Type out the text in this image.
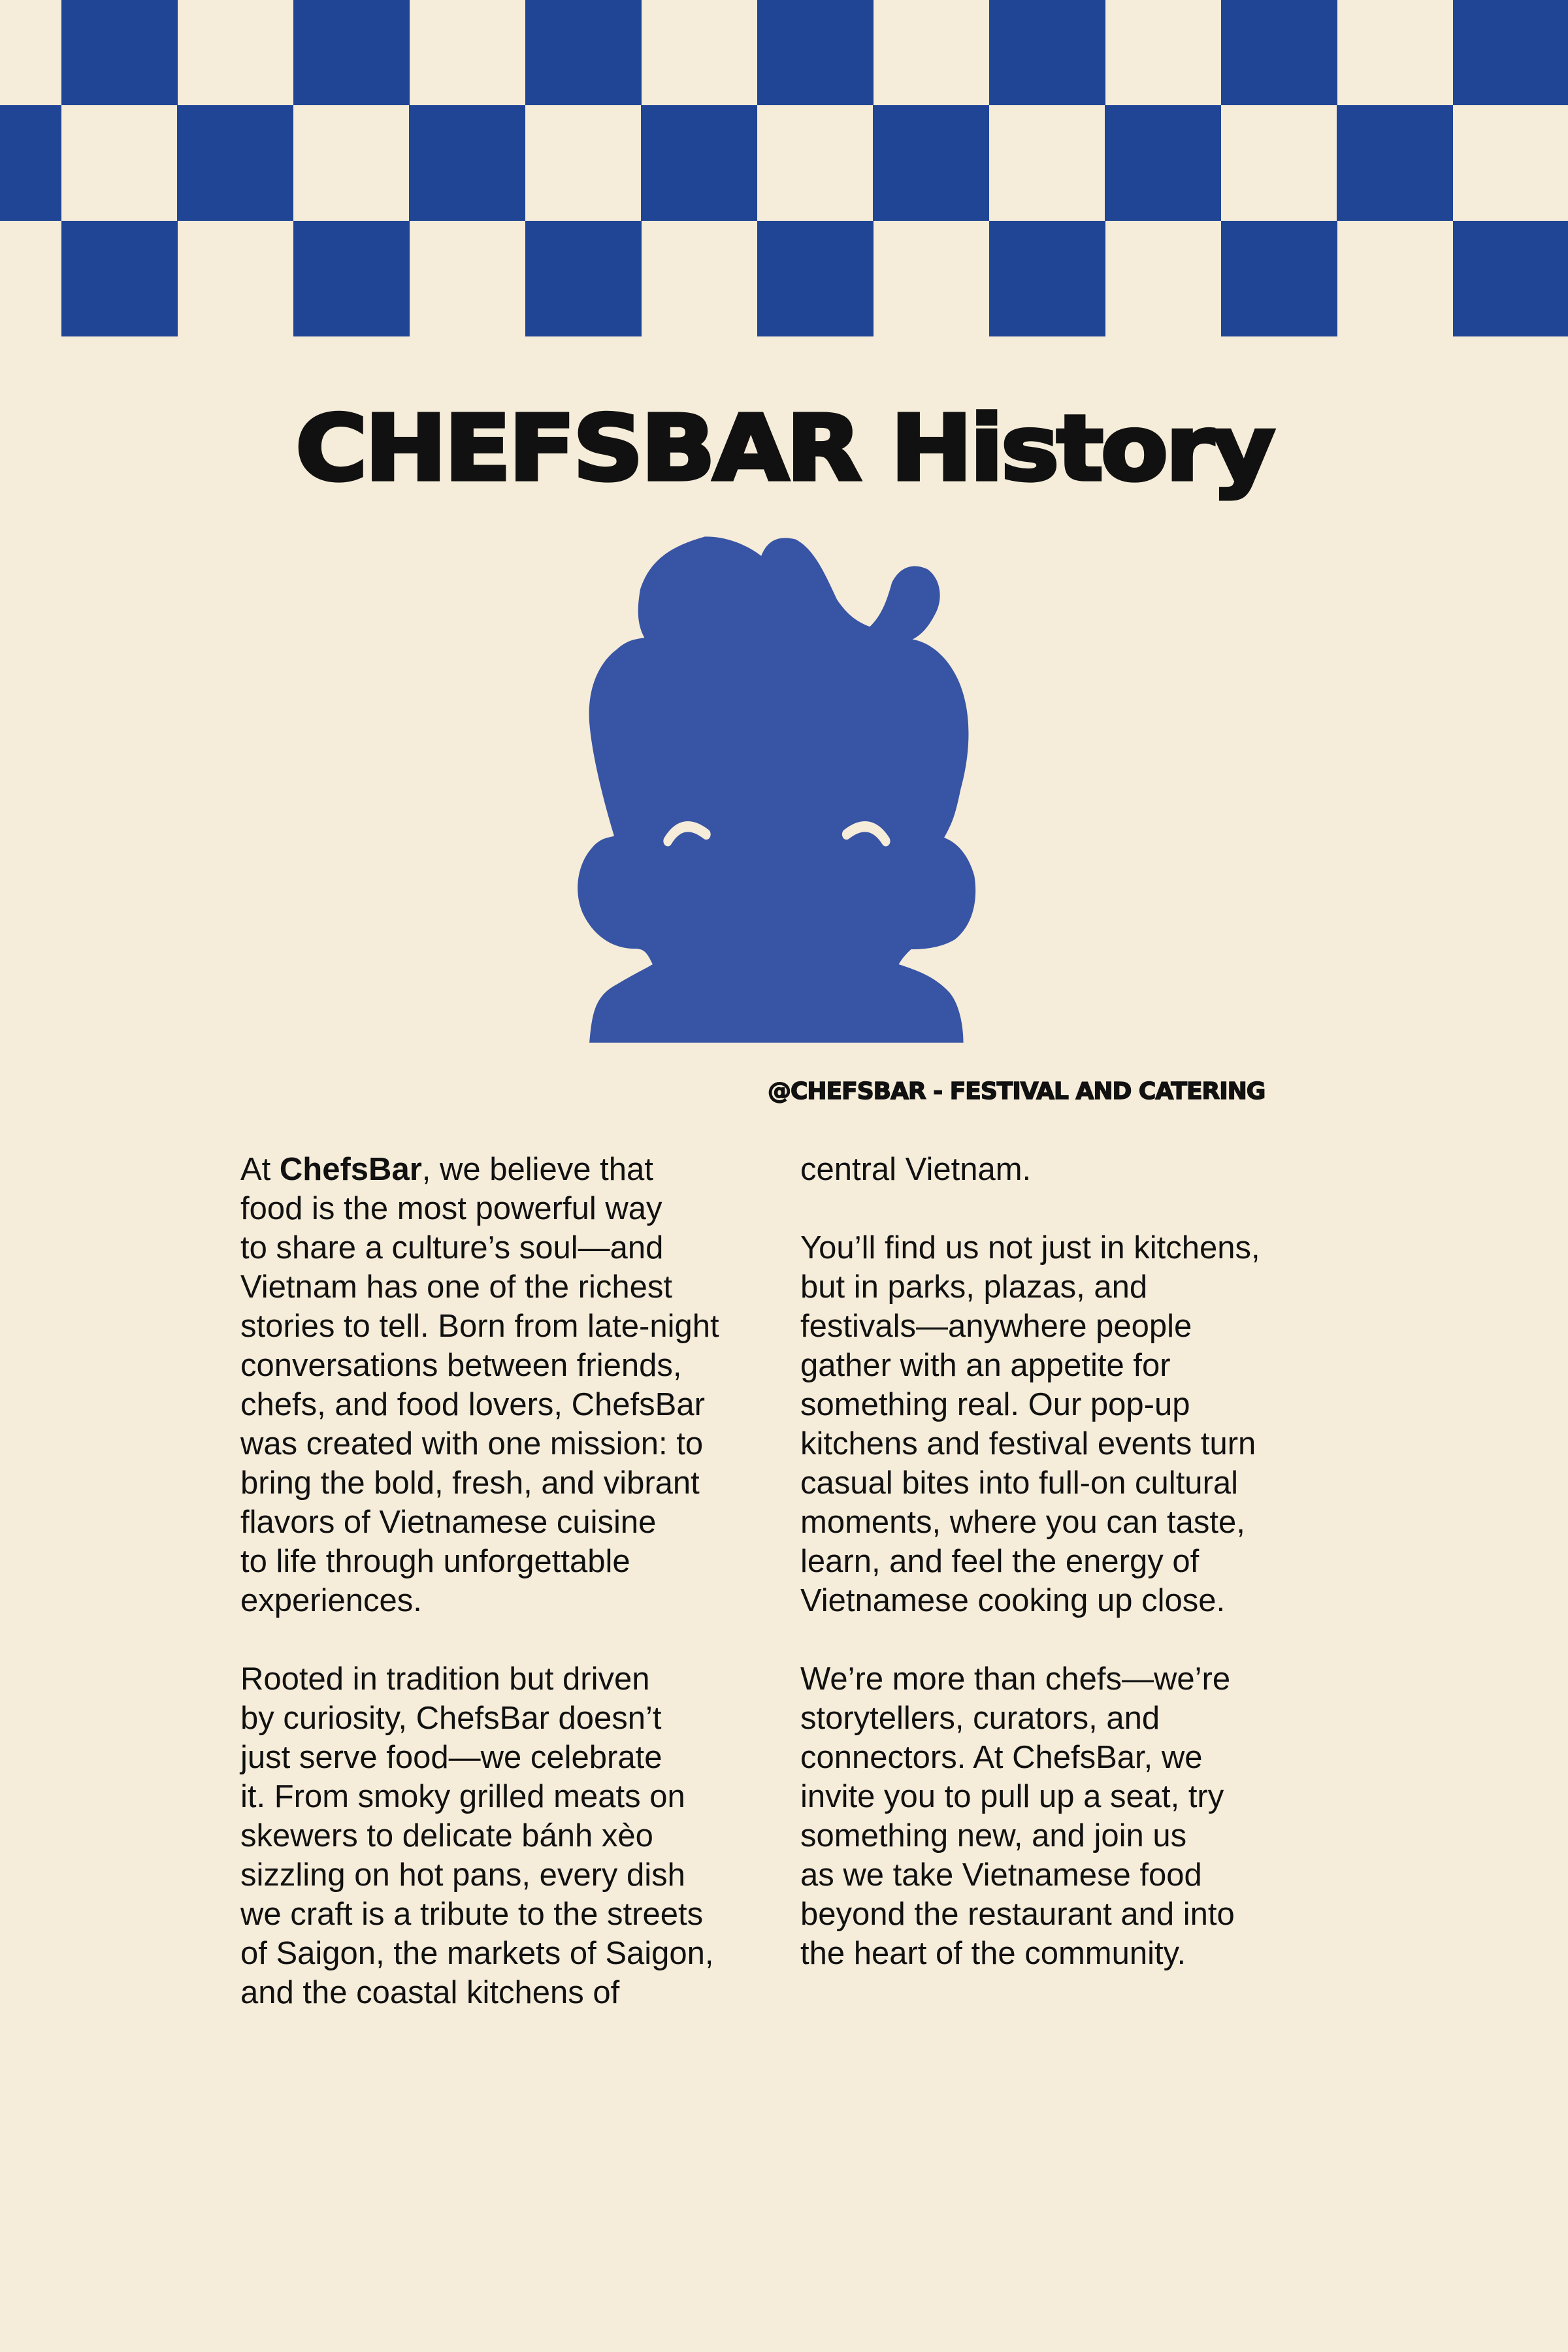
CHEFSBAR History
@CHEFSBAR - FESTIVAL AND CATERING
At ChefsBar, we believe that
food is the most powerful way
to share a culture’s soul—and
Vietnam has one of the richest
stories to tell. Born from late-night
conversations between friends,
chefs, and food lovers, ChefsBar
was created with one mission: to
bring the bold, fresh, and vibrant
flavors of Vietnamese cuisine
to life through unforgettable
experiences.
Rooted in tradition but driven
by curiosity, ChefsBar doesn’t
just serve food—we celebrate
it. From smoky grilled meats on
skewers to delicate bánh xèo
sizzling on hot pans, every dish
we craft is a tribute to the streets
of Saigon, the markets of Saigon,
and the coastal kitchens of
central Vietnam.
You’ll find us not just in kitchens,
but in parks, plazas, and
festivals—anywhere people
gather with an appetite for
something real. Our pop-up
kitchens and festival events turn
casual bites into full-on cultural
moments, where you can taste,
learn, and feel the energy of
Vietnamese cooking up close.
We’re more than chefs—we’re
storytellers, curators, and
connectors. At ChefsBar, we
invite you to pull up a seat, try
something new, and join us
as we take Vietnamese food
beyond the restaurant and into
the heart of the community.
